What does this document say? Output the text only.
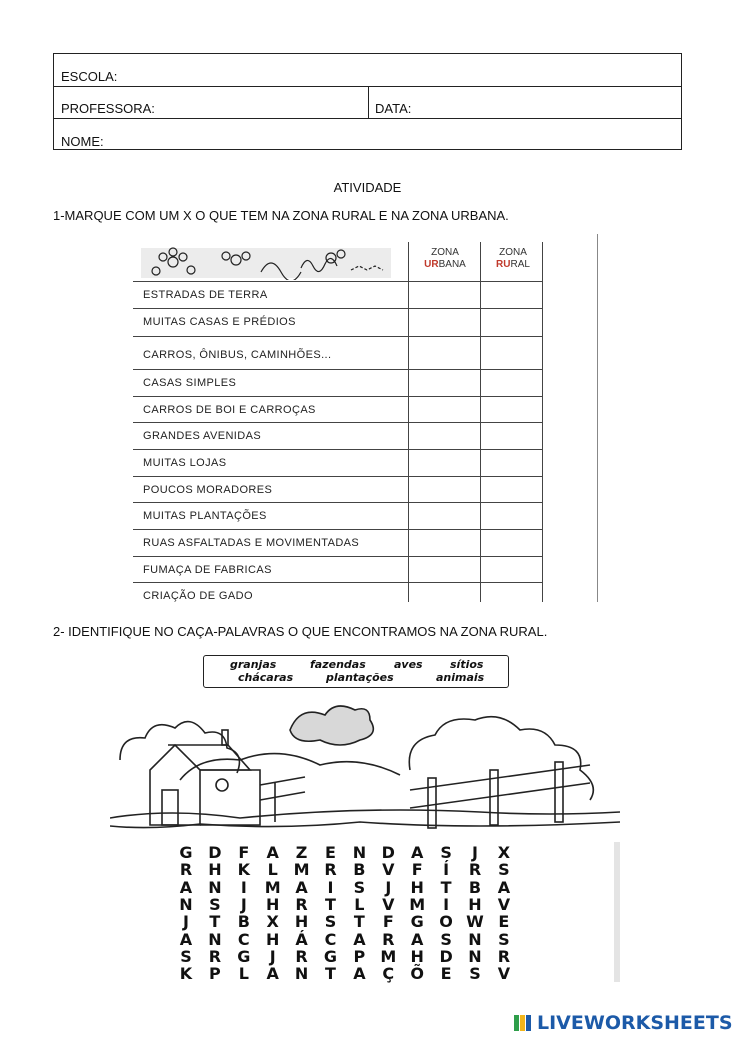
ESCOLA:
PROFESSORA:	DATA:
NOME:
ATIVIDADE
1-MARQUE COM UM X O QUE TEM NA ZONA RURAL E NA ZONA URBANA.
ZONA
URBANA
ZONA
RURAL
ESTRADAS DE TERRA
MUITAS CASAS E PRÉDIOS
CARROS, ÔNIBUS, CAMINHÕES...
CASAS SIMPLES
CARROS DE BOI E CARROÇAS
GRANDES AVENIDAS
MUITAS LOJAS
POUCOS MORADORES
MUITAS PLANTAÇÕES
RUAS ASFALTADAS E MOVIMENTADAS
FUMAÇA DE FABRICAS
CRIAÇÃO DE GADO
2- IDENTIFIQUE NO CAÇA-PALAVRAS O QUE ENCONTRAMOS NA ZONA RURAL.
granjas	fazendas	aves sítios
chácaras	plantações	animais
G D	F	A	Z	E	N D	A	S	J	X
R	H	K	L M R	B	V	F	Í	R	S
A	N	I	M A	I	S	J	H	T	B	A
N	S	J	H	R	T	L	V M	I	H	V
J	T	B	X	H	S	T	F	G O W E
A	N	C	H	Á	C	A	R	A	S	N	S
S	R	G	J	R	G	P M H D N	R
K	P	L	A	N	T	A	Ç	Õ	E	S	V
LIVEWORKSHEETS
